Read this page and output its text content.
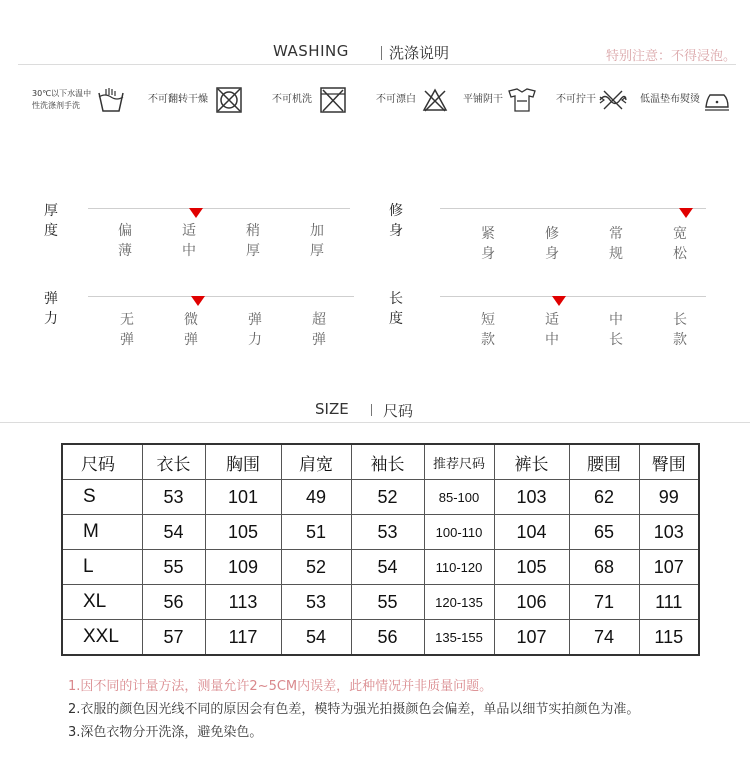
WASHING	洗涤说明	特别注意：不得浸泡。
30℃以下水温中
性洗涤剂手洗
不可翻转干燥	不可机洗	不可漂白	平铺阴干	不可拧干	低温垫布熨烫
厚度	偏薄
适中
稍厚
加厚
修身	紧身
修身
常规
宽松
弹力	无弹
微弹
弹力
超弹
长度	短款
适中
中长
长款
SIZE 尺码
尺码	衣长	胸围	肩宽	袖长	推荐尺码	裤长	腰围	臀围
S	53	101	49	52	85-100	103	62	99
M	54	105	51	53	100-110	104	65	103
L	55	109	52	54	110-120	105	68	107
XL	56	113	53	55	120-135	106	71	111
XXL	57	117	54	56	135-155	107	74	115
1.因不同的计量方法，测量允许2~5CM内误差，此种情况并非质量问题。
2.衣服的颜色因光线不同的原因会有色差，模特为强光拍摄颜色会偏差，单品以细节实拍颜色为准。
3.深色衣物分开洗涤，避免染色。
